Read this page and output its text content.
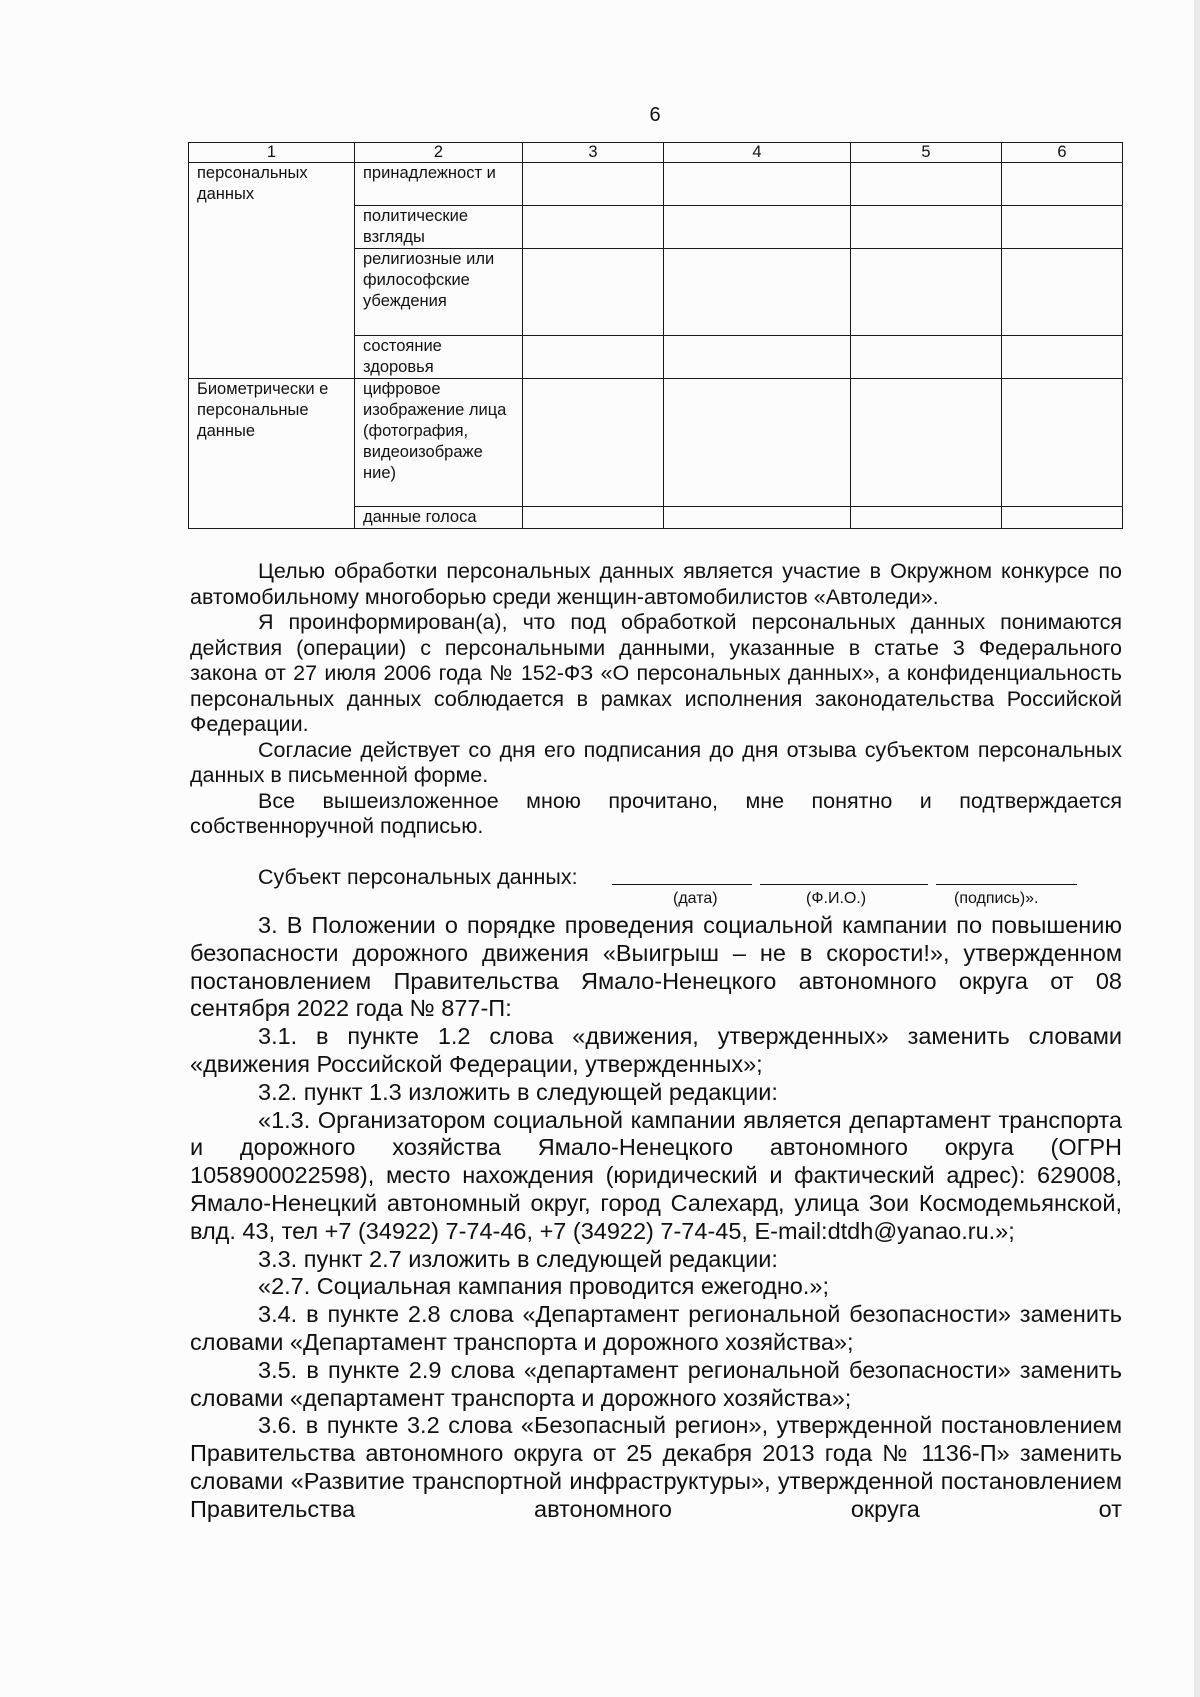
6
1	2	3	4	5	6
персональных данных	принадлежност и				
	политические взгляды				
	религиозные или философские убеждения				
	состояние здоровья				
Биометрически е персональные данные	цифровое изображение лица (фотография, видеоизображе ние)				
	данные голоса				

Целью обработки персональных данных является участие в Окружном конкурсе по автомобильному многоборью среди женщин-автомобилистов «Автоледи».

Я проинформирован(а), что под обработкой персональных данных понимаются действия (операции) с персональными данными, указанные в статье 3 Федерального закона от 27 июля 2006 года № 152-ФЗ «О персональных данных», а конфиденциальность персональных данных соблюдается в рамках исполнения законодательства Российской Федерации.

Согласие действует со дня его подписания до дня отзыва субъектом персональных данных в письменной форме.

Все вышеизложенное мною прочитано, мне понятно и подтверждается собственноручной подписью.

Субъект персональных данных:
(дата)	(Ф.И.О.)	(подпись)».

3. В Положении о порядке проведения социальной кампании по повышению безопасности дорожного движения «Выигрыш – не в скорости!», утвержденном постановлением Правительства Ямало-Ненецкого автономного округа от 08 сентября 2022 года № 877-П:

3.1. в пункте 1.2 слова «движения, утвержденных» заменить словами «движения Российской Федерации, утвержденных»;

3.2. пункт 1.3 изложить в следующей редакции:

«1.3. Организатором социальной кампании является департамент транспорта и дорожного хозяйства Ямало-Ненецкого автономного округа (ОГРН 1058900022598), место нахождения (юридический и фактический адрес): 629008, Ямало-Ненецкий автономный округ, город Салехард, улица Зои Космодемьянской, влд. 43, тел +7 (34922) 7-74-46, +7 (34922) 7-74-45, E-mail:dtdh@yanao.ru.»;

3.3. пункт 2.7 изложить в следующей редакции:

«2.7. Социальная кампания проводится ежегодно.»;

3.4. в пункте 2.8 слова «Департамент региональной безопасности» заменить словами «Департамент транспорта и дорожного хозяйства»;

3.5. в пункте 2.9 слова «департамент региональной безопасности» заменить словами «департамент транспорта и дорожного хозяйства»;

3.6. в пункте 3.2 слова «Безопасный регион», утвержденной постановлением Правительства автономного округа от 25 декабря 2013 года № 1136-П» заменить словами «Развитие транспортной инфраструктуры», утвержденной постановлением Правительства автономного округа от
